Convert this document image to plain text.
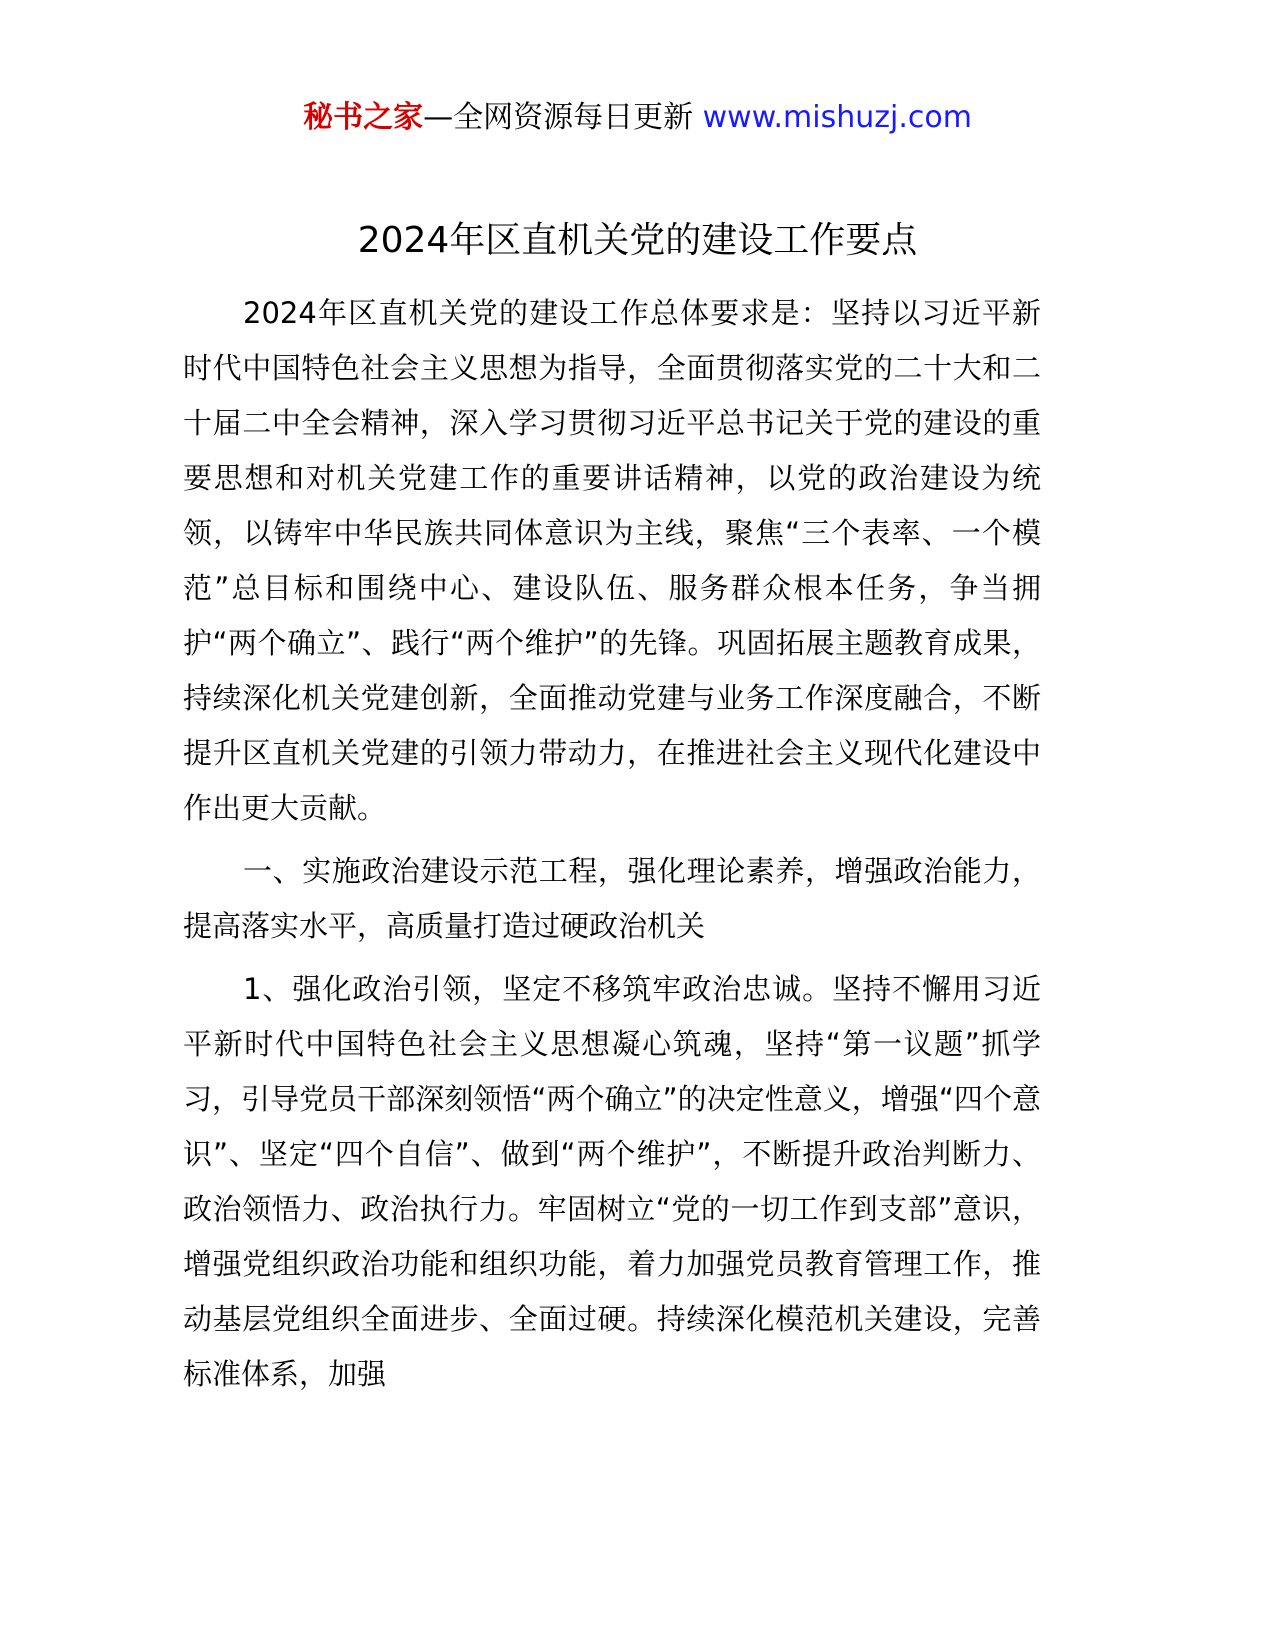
秘书之家—全网资源每日更新 www.mishuzj.com
2024年区直机关党的建设工作要点

2024年区直机关党的建设工作总体要求是：坚持以习近平新时代中国特色社会主义思想为指导，全面贯彻落实党的二十大和二十届二中全会精神，深入学习贯彻习近平总书记关于党的建设的重要思想和对机关党建工作的重要讲话精神，以党的政治建设为统领，以铸牢中华民族共同体意识为主线，聚焦“三个表率、一个模范”总目标和围绕中心、建设队伍、服务群众根本任务，争当拥护“两个确立”、践行“两个维护”的先锋。巩固拓展主题教育成果，持续深化机关党建创新，全面推动党建与业务工作深度融合，不断提升区直机关党建的引领力带动力，在推进社会主义现代化建设中作出更大贡献。

一、实施政治建设示范工程，强化理论素养，增强政治能力，提高落实水平，高质量打造过硬政治机关

1、强化政治引领，坚定不移筑牢政治忠诚。坚持不懈用习近平新时代中国特色社会主义思想凝心筑魂，坚持“第一议题”抓学习，引导党员干部深刻领悟“两个确立”的决定性意义，增强“四个意识”、坚定“四个自信”、做到“两个维护”，不断提升政治判断力、政治领悟力、政治执行力。牢固树立“党的一切工作到支部”意识，增强党组织政治功能和组织功能，着力加强党员教育管理工作，推动基层党组织全面进步、全面过硬。持续深化模范机关建设，完善标准体系，加强
